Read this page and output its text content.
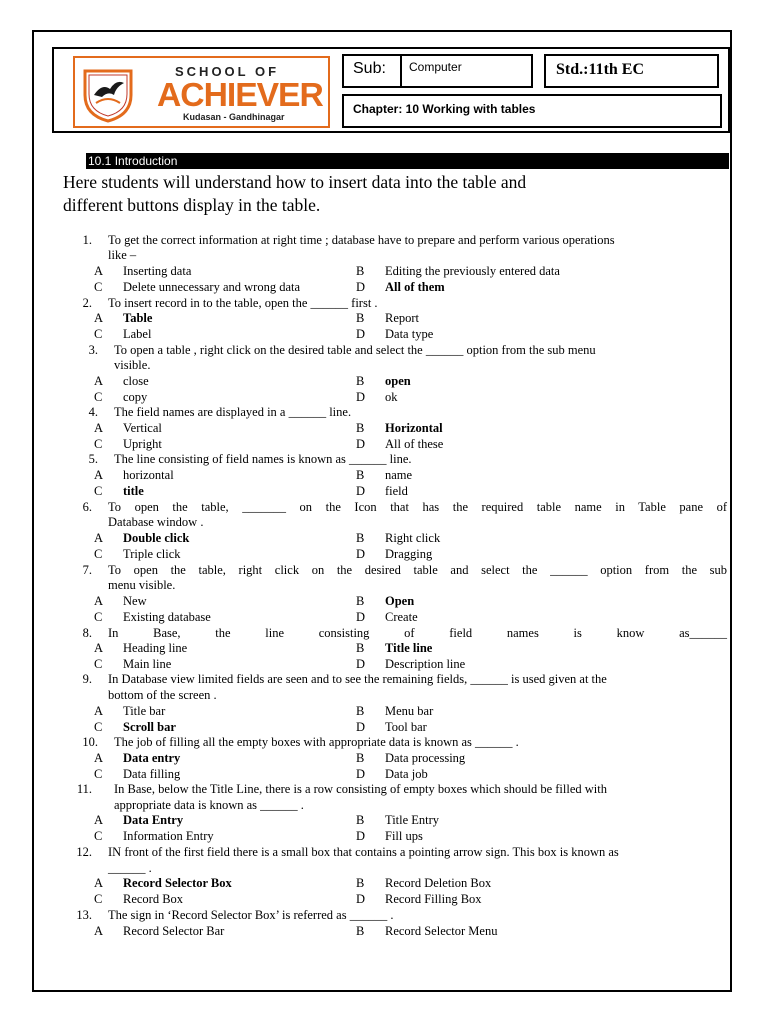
SCHOOL OF
ACHIEVER
Kudasan - Gandhinagar
Sub: Computer	Std.:11th EC
Chapter: 10 Working with tables
10.1 Introduction
Here students will understand how to insert data into the table and
different buttons display in the table.
1. To get the correct information at right time ; database have to prepare and perform various operations
like –
A Inserting data	B Editing the previously entered data
C Delete unnecessary and wrong data	D All of them
2. To insert record in to the table, open the ______ first .
A Table	B Report
C Label	D Data type
3. To open a table , right click on the desired table and select the ______ option from the sub menu
visible.
A close	B open
C copy	D ok
4. The field names are displayed in a ______ line.
A Vertical	B Horizontal
C Upright	D All of these
5. The line consisting of field names is known as ______ line.
A horizontal	B name
C title	D field
6. To open the table, _______ on the Icon that has the required table name in Table pane of
Database window .
A Double click	B Right click
C Triple click	D Dragging
7. To open the table, right click on the desired table and select the ______ option from the sub
menu visible.
A New	B Open
C Existing database	D Create
8. In Base, the line consisting of field names is know as______
A Heading line	B Title line
C Main line	D Description line
9. In Database view limited fields are seen and to see the remaining fields, ______ is used given at the
bottom of the screen .
A Title bar	B Menu bar
C Scroll bar	D Tool bar
10. The job of filling all the empty boxes with appropriate data is known as ______ .
A Data entry	B Data processing
C Data filling	D Data job
11. In Base, below the Title Line, there is a row consisting of empty boxes which should be filled with
appropriate data is known as ______ .
A Data Entry	B Title Entry
C Information Entry	D Fill ups
12. IN front of the first field there is a small box that contains a pointing arrow sign. This box is known as
______ .
A Record Selector Box	B Record Deletion Box
C Record Box	D Record Filling Box
13. The sign in ‘Record Selector Box’ is referred as ______ .
A Record Selector Bar	B Record Selector Menu
